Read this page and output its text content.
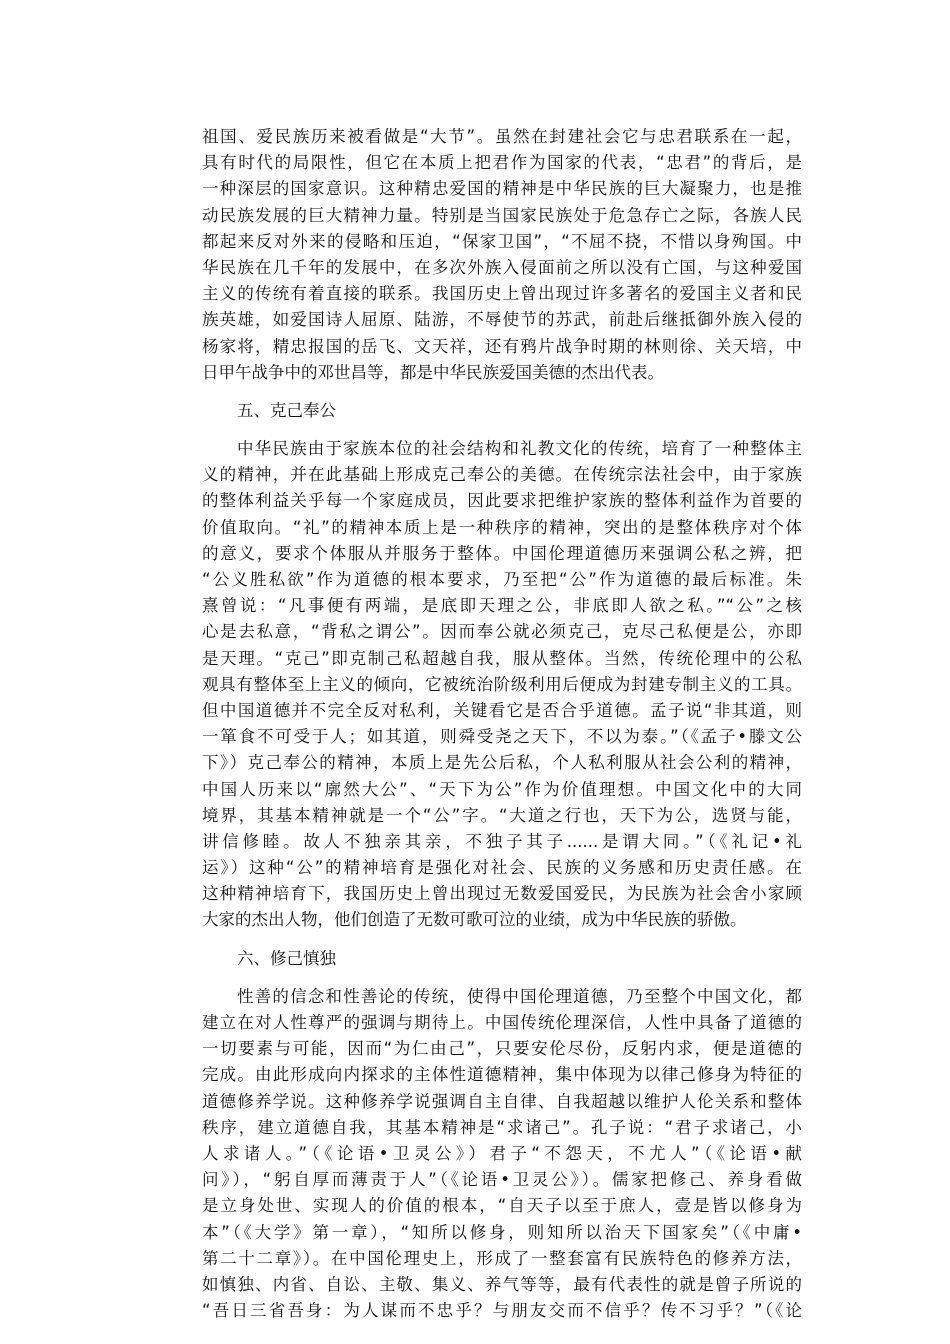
祖国、爱民族历来被看做是“大节”。虽然在封建社会它与忠君联系在一起，
具有时代的局限性，但它在本质上把君作为国家的代表，“忠君”的背后，是
一种深层的国家意识。这种精忠爱国的精神是中华民族的巨大凝聚力，也是推
动民族发展的巨大精神力量。特别是当国家民族处于危急存亡之际，各族人民
都起来反对外来的侵略和压迫，“保家卫国”，“不屈不挠，不惜以身殉国。中
华民族在几千年的发展中，在多次外族入侵面前之所以没有亡国，与这种爱国
主义的传统有着直接的联系。我国历史上曾出现过许多著名的爱国主义者和民
族英雄，如爱国诗人屈原、陆游，不辱使节的苏武，前赴后继抵御外族入侵的
杨家将，精忠报国的岳飞、文天祥，还有鸦片战争时期的林则徐、关天培，中
日甲午战争中的邓世昌等，都是中华民族爱国美德的杰出代表。
五、克己奉公
中华民族由于家族本位的社会结构和礼教文化的传统，培育了一种整体主
义的精神，并在此基础上形成克己奉公的美德。在传统宗法社会中，由于家族
的整体利益关乎每一个家庭成员，因此要求把维护家族的整体利益作为首要的
价值取向。“礼”的精神本质上是一种秩序的精神，突出的是整体秩序对个体
的意义，要求个体服从并服务于整体。中国伦理道德历来强调公私之辨，把
“公义胜私欲”作为道德的根本要求，乃至把“公”作为道德的最后标准。朱
熹曾说：“凡事便有两端，是底即天理之公，非底即人欲之私。”“公”之核
心是去私意，“背私之谓公”。因而奉公就必须克己，克尽己私便是公，亦即
是天理。“克己”即克制己私超越自我，服从整体。当然，传统伦理中的公私
观具有整体至上主义的倾向，它被统治阶级利用后便成为封建专制主义的工具。
但中国道德并不完全反对私利，关键看它是否合乎道德。孟子说“非其道，则
一箪食不可受于人；如其道，则舜受尧之天下，不以为泰。”（《孟子•滕文公
下》）克己奉公的精神，本质上是先公后私，个人私利服从社会公利的精神，
中国人历来以“廓然大公”、“天下为公”作为价值理想。中国文化中的大同
境界，其基本精神就是一个“公”字。“大道之行也，天下为公，选贤与能，
讲信修睦。故人不独亲其亲，不独子其子......是谓大同。”（《礼记•礼
运》）这种“公”的精神培育是强化对社会、民族的义务感和历史责任感。在
这种精神培育下，我国历史上曾出现过无数爱国爱民，为民族为社会舍小家顾
大家的杰出人物，他们创造了无数可歌可泣的业绩，成为中华民族的骄傲。
六、修己慎独
性善的信念和性善论的传统，使得中国伦理道德，乃至整个中国文化，都
建立在对人性尊严的强调与期待上。中国传统伦理深信，人性中具备了道德的
一切要素与可能，因而“为仁由己”，只要安伦尽份，反躬内求，便是道德的
完成。由此形成向内探求的主体性道德精神，集中体现为以律己修身为特征的
道德修养学说。这种修养学说强调自主自律、自我超越以维护人伦关系和整体
秩序，建立道德自我，其基本精神是“求诸己”。孔子说：“君子求诸己，小
人求诸人。”（《论语•卫灵公》）君子“不怨天，不尤人”（《论语•献
问》），“躬自厚而薄责于人”（《论语•卫灵公》）。儒家把修己、养身看做
是立身处世、实现人的价值的根本，“自天子以至于庶人，壹是皆以修身为
本”（《大学》第一章），“知所以修身，则知所以治天下国家矣”（《中庸•
第二十二章》）。在中国伦理史上，形成了一整套富有民族特色的修养方法，
如慎独、内省、自讼、主敬、集义、养气等等，最有代表性的就是曾子所说的
“吾日三省吾身：为人谋而不忠乎？与朋友交而不信乎？传不习乎？”（《论
